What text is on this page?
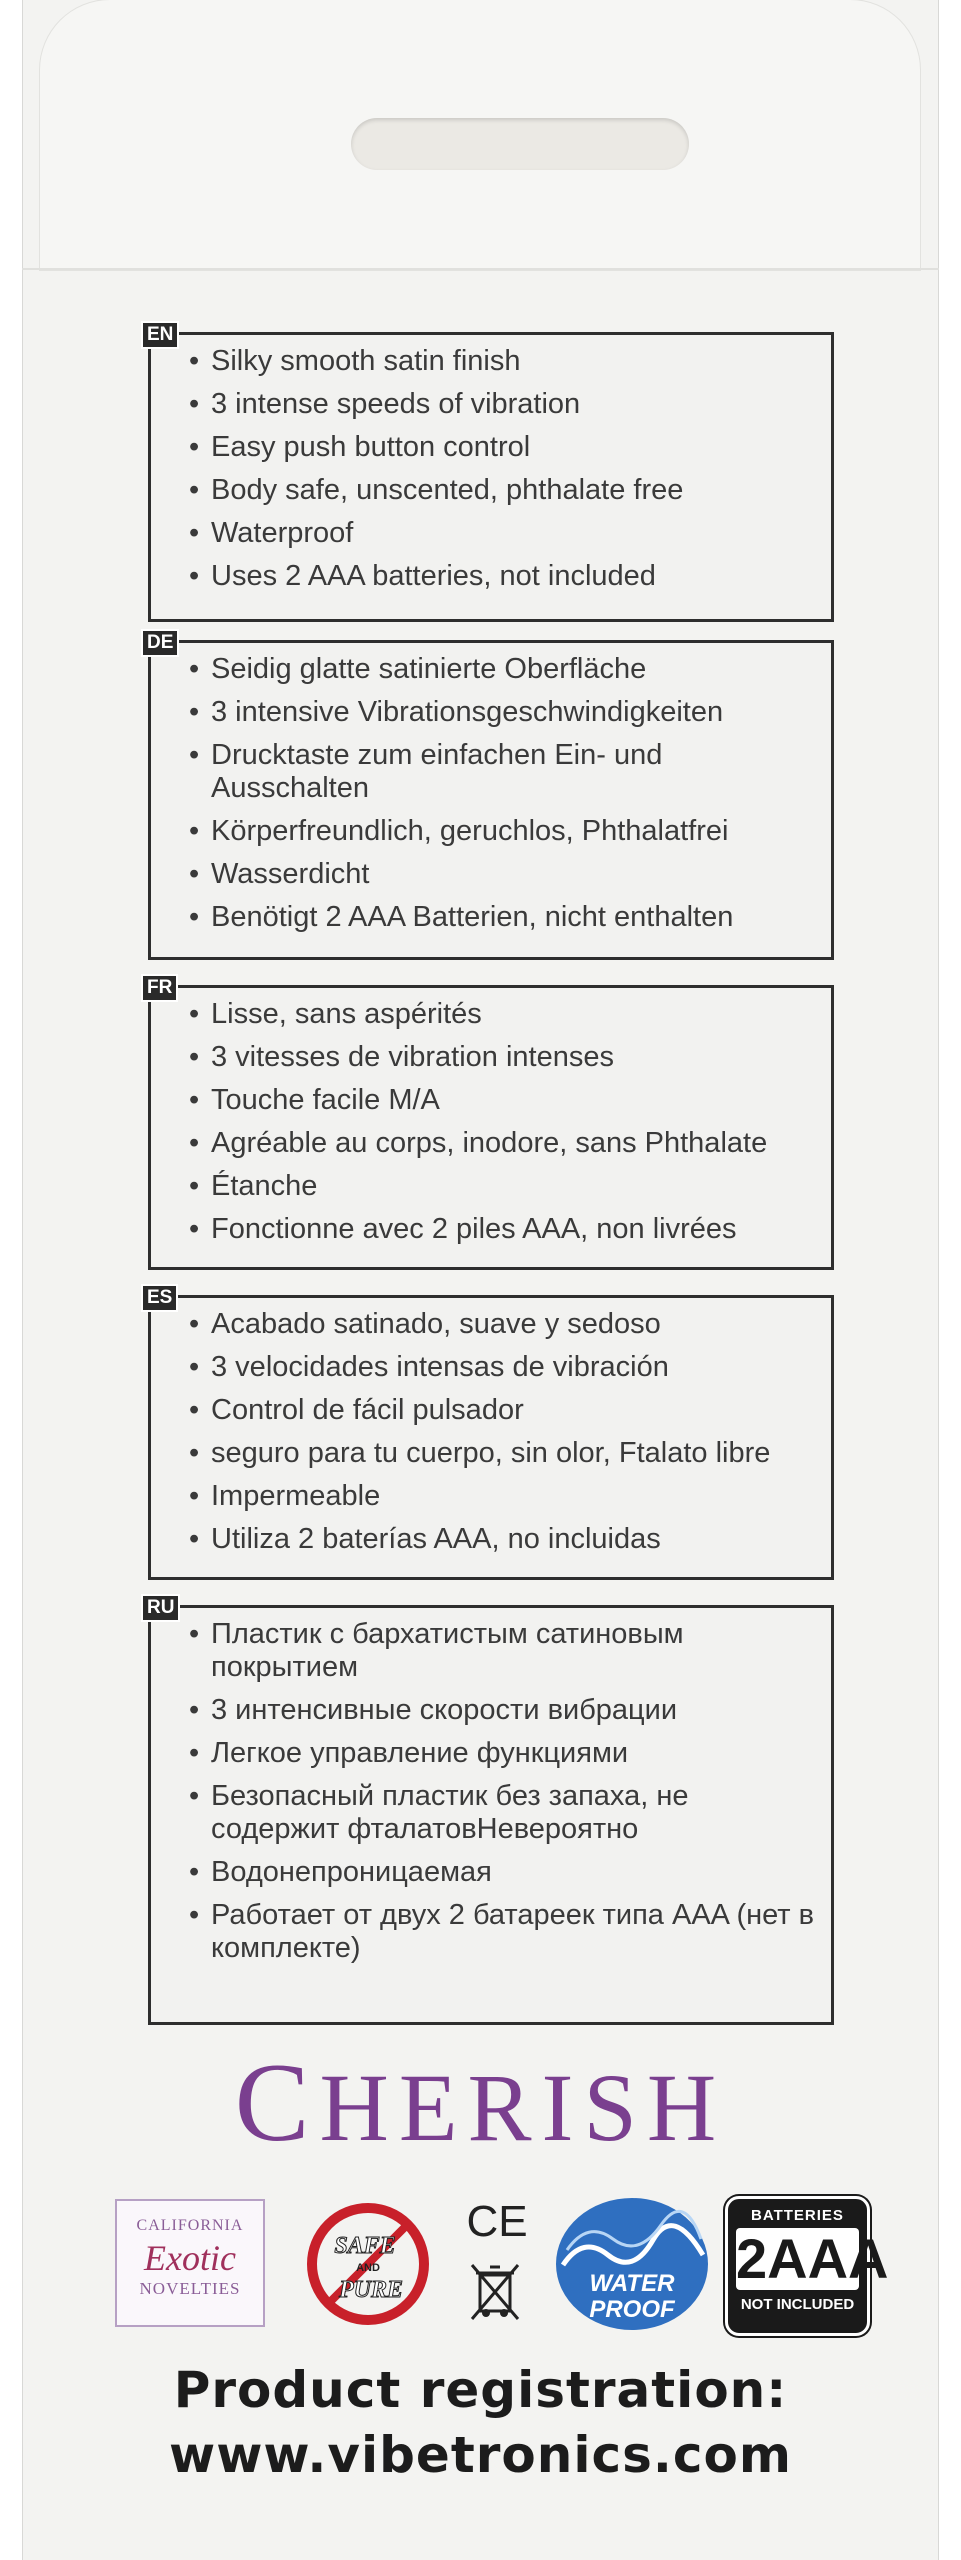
EN
• Silky smooth satin finish
• 3 intense speeds of vibration
• Easy push button control
• Body safe, unscented, phthalate free
• Waterproof
• Uses 2 AAA batteries, not included
DE
• Seidig glatte satinierte Oberfläche
• 3 intensive Vibrationsgeschwindigkeiten
• Drucktaste zum einfachen Ein- und Ausschalten
• Körperfreundlich, geruchlos, Phthalatfrei
• Wasserdicht
• Benötigt 2 AAA Batterien, nicht enthalten
FR
• Lisse, sans aspérités
• 3 vitesses de vibration intenses
• Touche facile M/A
• Agréable au corps, inodore, sans Phthalate
• Étanche
• Fonctionne avec 2 piles AAA, non livrées
ES
• Acabado satinado, suave y sedoso
• 3 velocidades intensas de vibración
• Control de fácil pulsador
• seguro para tu cuerpo, sin olor, Ftalato libre
• Impermeable
• Utiliza 2 baterías AAA, no incluidas
RU
• Пластик с бархатистым сатиновым покрытием
• 3 интенсивные скорости вибрации
• Легкое управление функциями
• Безопасный пластик без запаха, не содержит фталатовНевероятно
• Водонепроницаемая
• Работает от двух 2 батареек типа AAA (нет в комплекте)
CHERISH
CALIFORNIA
Exotic
NOVELTIES
SAFE
AND
PURE
CE
WATER
PROOF
BATTERIES
2AAA
NOT INCLUDED
Product registration:
www.vibetronics.com
